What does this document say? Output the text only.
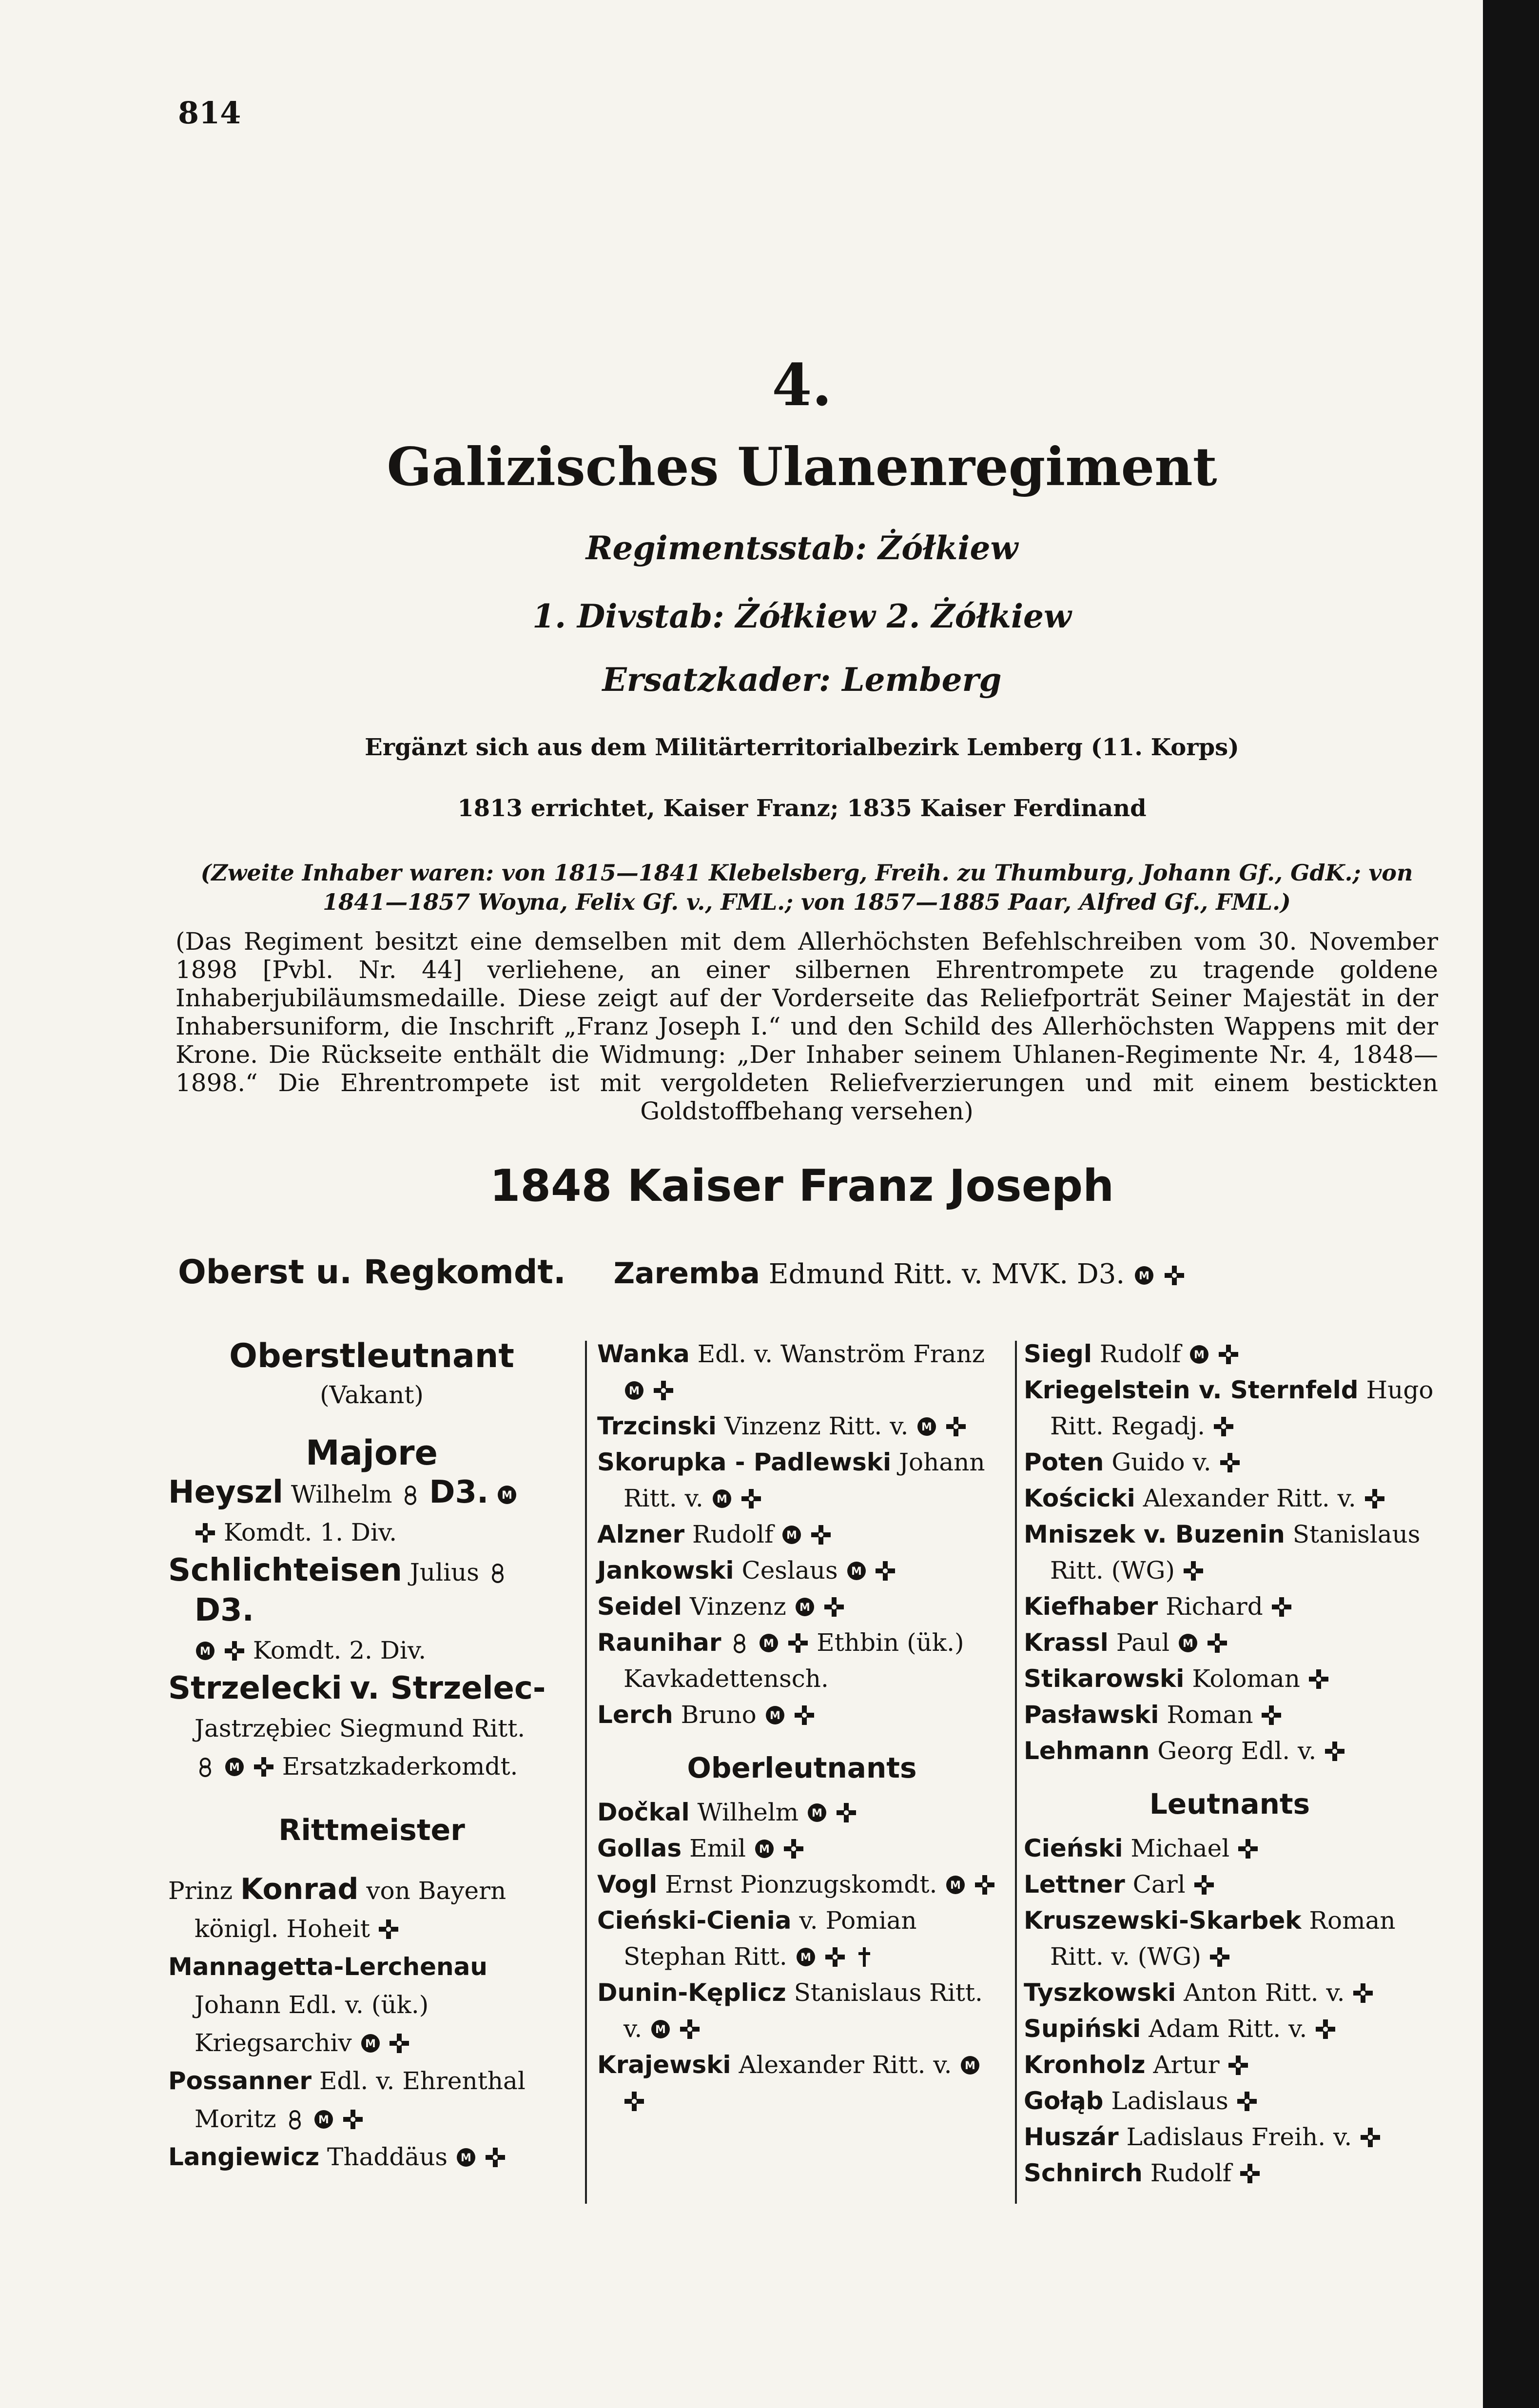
814
4.
Galizisches Ulanenregiment
Regimentsstab: Żółkiew
1. Divstab: Żółkiew 2. Żółkiew
Ersatzkader: Lemberg
Ergänzt sich aus dem Militärterritorialbezirk Lemberg (11. Korps)
1813 errichtet, Kaiser Franz; 1835 Kaiser Ferdinand
(Zweite Inhaber waren: von 1815—1841 Klebelsberg, Freih. zu Thumburg, Johann Gf., GdK.; von 1841—1857 Woyna, Felix Gf. v., FML.; von 1857—1885 Paar, Alfred Gf., FML.)
(Das Regiment besitzt eine demselben mit dem Allerhöchsten Befehlschreiben vom 30. November 1898 [Pvbl. Nr. 44] verliehene, an einer silbernen Ehrentrompete zu tragende goldene Inhaberjubiläumsmedaille. Diese zeigt auf der Vorderseite das Reliefporträt Seiner Majestät in der Inhabersuniform, die Inschrift „Franz Joseph I.“ und den Schild des Allerhöchsten Wappens mit der Krone. Die Rückseite enthält die Widmung: „Der Inhaber seinem Uhlanen-Regimente Nr. 4, 1848—1898.“ Die Ehrentrompete ist mit vergoldeten Reliefverzierungen und mit einem bestickten Goldstoffbehang versehen)
1848 Kaiser Franz Joseph
Oberst u. Regkomdt. Zaremba Edmund Ritt. v. MVK. D3. M

Oberstleutnant
(Vakant)
Majore
Heyszl Wilhelm D3. M

Komdt. 1. Div.
Schlichteisen Julius  D3.

M Komdt. 2. Div.
Strzelecki v. Strzelec-
Jastrzębiec Siegmund Ritt.

M Ersatzkaderkomdt.
Rittmeister
Prinz Konrad von Bayern königl. Hoheit
Mannagetta-Lerchenau Johann Edl. v. (ük.) Kriegsarchiv M

Possanner Edl. v. Ehrenthal Moritz	M

Langiewicz Thaddäus M

Wanka Edl. v. Wanström Franz
M

Trzcinski Vinzenz Ritt. v. M

Skorupka - Padlewski Johann Ritt. v. M

Alzner Rudolf M

Jankowski Ceslaus M

Seidel Vinzenz M

Raunihar	M Ethbin (ük.) Kavkadettensch.
Lerch Bruno M

Oberleutnants
Dočkal Wilhelm M

Gollas Emil M

Vogl Ernst Pionzugskomdt. M

Cieński-Cienia v. Pomian Stephan Ritt. M

Dunin-Kęplicz Stanislaus Ritt. v. M

Krajewski Alexander Ritt. v. M

Siegl Rudolf M

Kriegelstein v. Sternfeld Hugo Ritt. Regadj.
Poten Guido v.
Kościcki Alexander Ritt. v.
Mniszek v. Buzenin Stanislaus Ritt. (WG)
Kiefhaber Richard
Krassl Paul M

Stikarowski Koloman
Pasławski Roman
Lehmann Georg Edl. v.
Leutnants
Cieński Michael
Lettner Carl
Kruszewski-Skarbek Roman Ritt. v. (WG)
Tyszkowski Anton Ritt. v.
Supiński Adam Ritt. v.
Kronholz Artur
Gołąb Ladislaus
Huszár Ladislaus Freih. v.
Schnirch Rudolf
